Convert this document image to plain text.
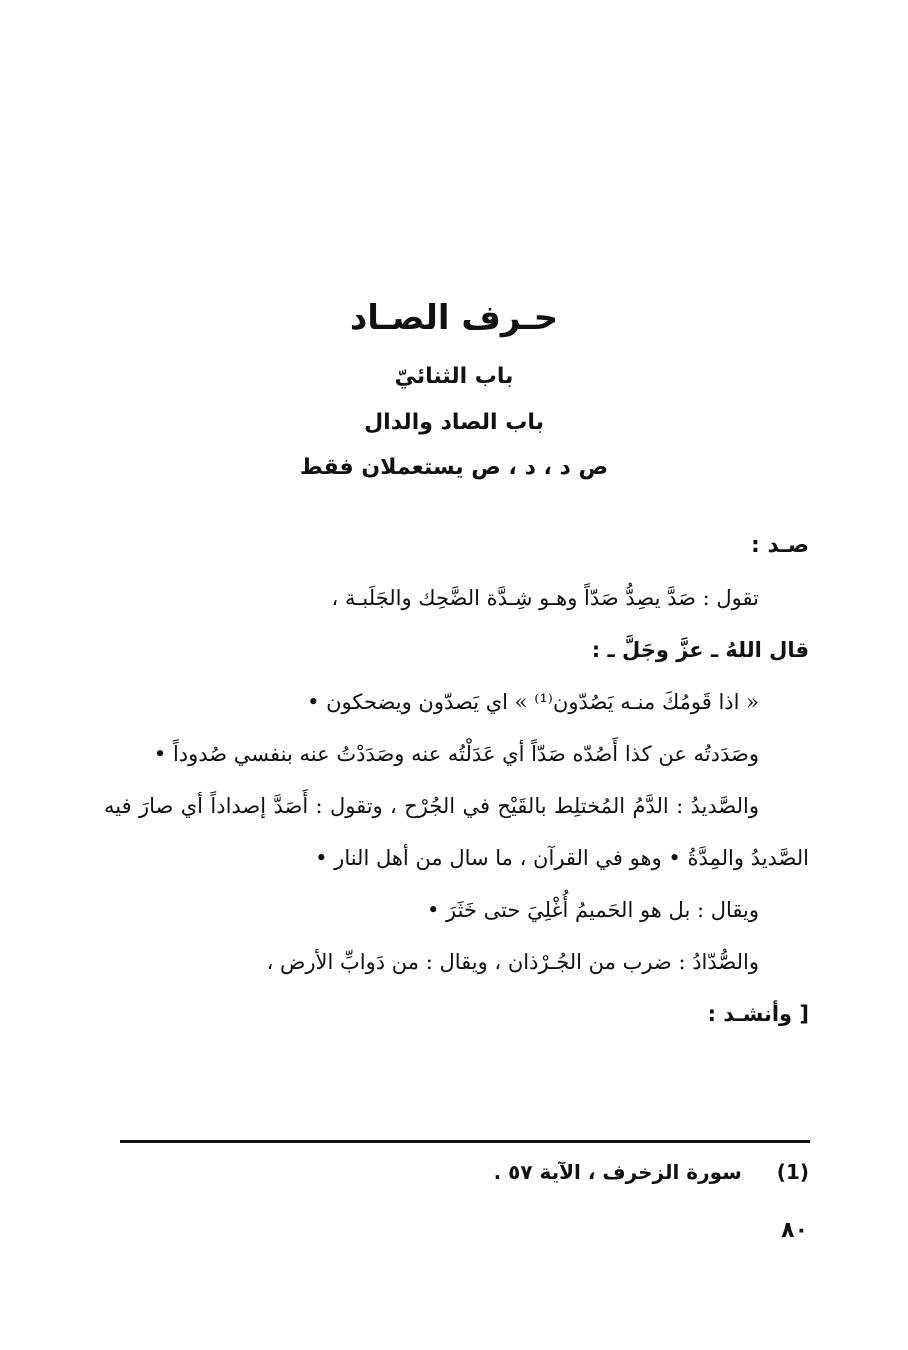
حـرف الصـاد
باب الثنائيّ
باب الصاد والدال
ص د ، د ، ص يستعملان فقط

صـد :

تقول : صَدَّ يصِدُّ صَدّاً وهـو شِـدَّة الضَّحِك والجَلَبـة ،
قال اللهُ ـ عزَّ وجَلَّ ـ :

« اذا قَومُكَ منـه يَصُدّون⁽¹⁾ » اي يَصدّون ويضحكون •

وصَدَدتُه عن كذا أَصُدّه صَدّاً أي عَدَلْتُه عنه وصَدَدْتُ عنه بنفسي صُدوداً •

والصَّديدُ : الدَّمُ المُختلِط بالقَيْح في الجُرْح ، وتقول : أَصَدَّ إصداداً أي صارَ فيه الصَّديدُ والمِدَّةُ • وهو في القرآن ، ما سال من أهل النار •

ويقال : بل هو الحَميمُ أُغْلِيَ حتى خَثَرَ •

والصُّدّادُ : ضرب من الجُـرْذان ، ويقال : من دَوابِّ الأرض ،

[ وأنشـد :

(1) سورة الزخرف ، الآية ٥٧ .

٨٠
